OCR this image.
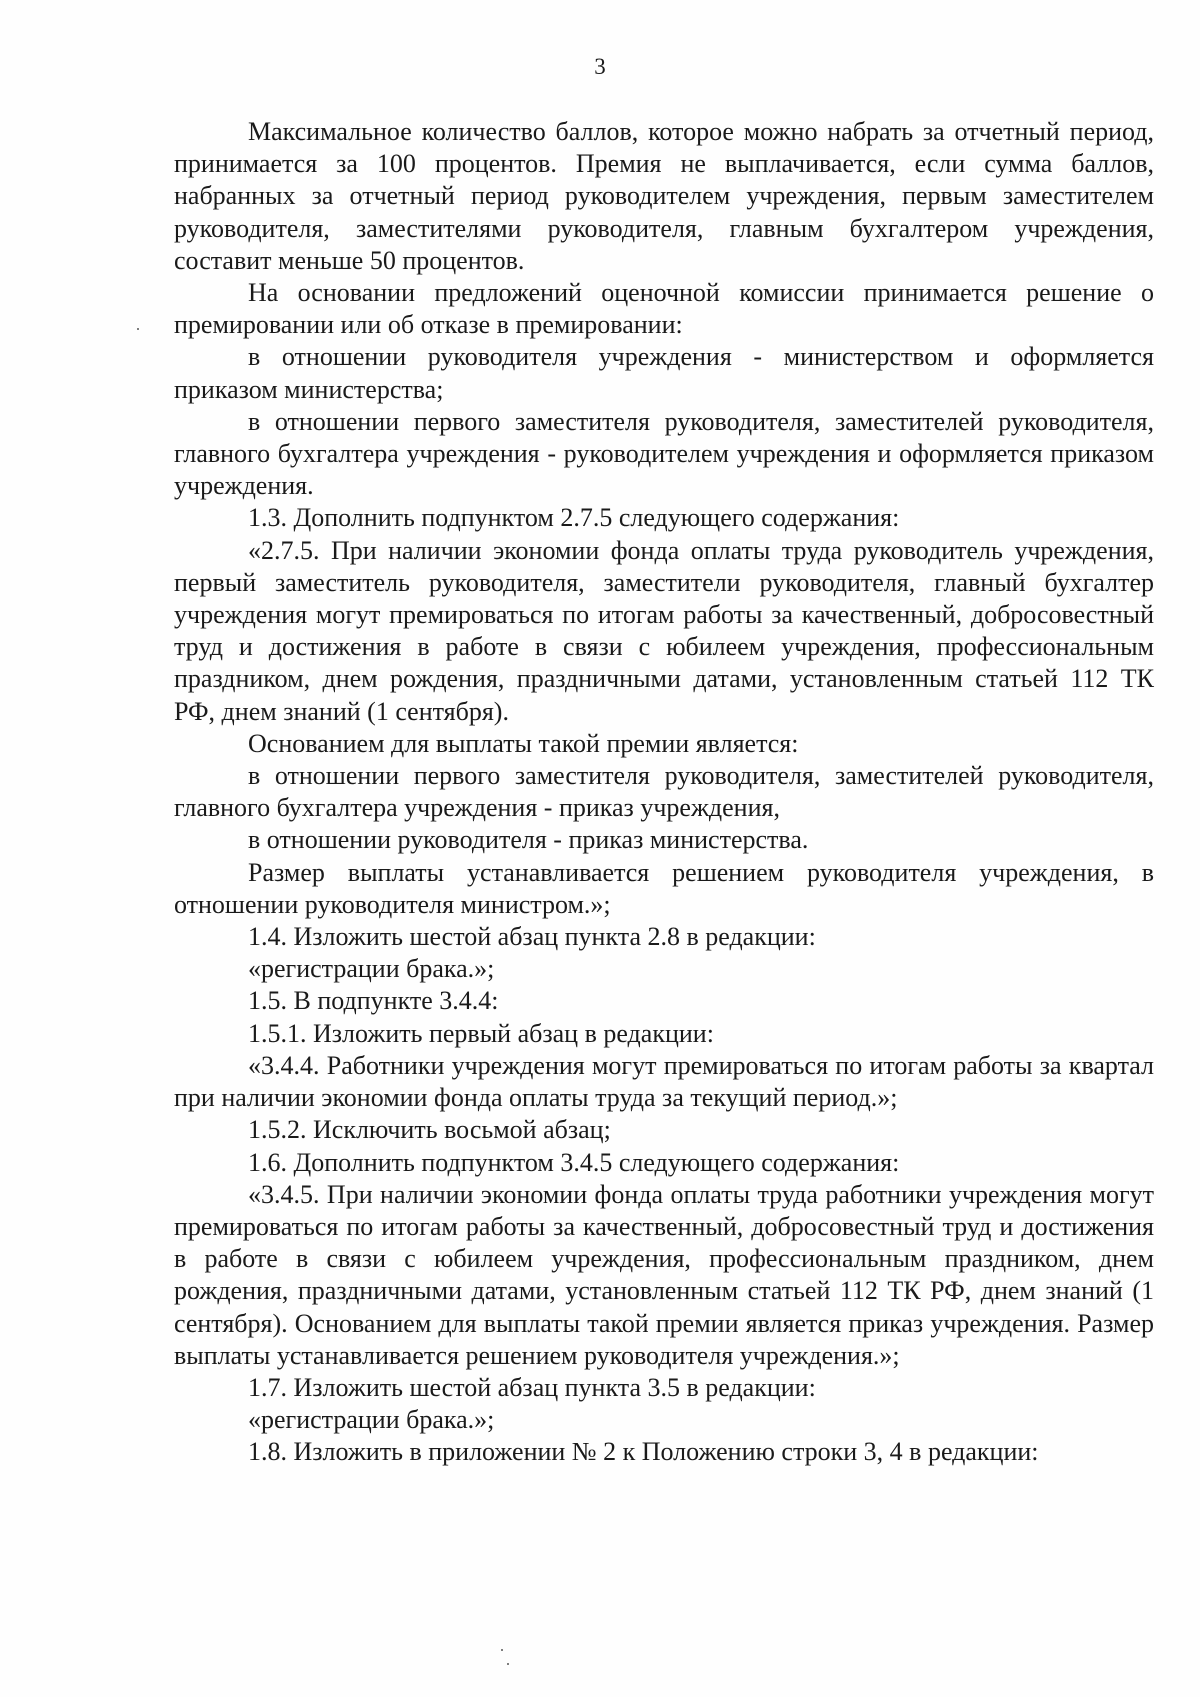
3

Максимальное количество баллов, которое можно набрать за отчетный период, принимается за 100 процентов. Премия не выплачивается, если сумма баллов, набранных за отчетный период руководителем учреждения, первым заместителем руководителя, заместителями руководителя, главным бухгалтером учреждения, составит меньше 50 процентов.

На основании предложений оценочной комиссии принимается решение о премировании или об отказе в премировании:

в отношении руководителя учреждения - министерством и оформляется приказом министерства;

в отношении первого заместителя руководителя, заместителей руководителя, главного бухгалтера учреждения - руководителем учреждения и оформляется приказом учреждения.

1.3. Дополнить подпунктом 2.7.5 следующего содержания:

«2.7.5. При наличии экономии фонда оплаты труда руководитель учреждения, первый заместитель руководителя, заместители руководителя, главный бухгалтер учреждения могут премироваться по итогам работы за качественный, добросовестный труд и достижения в работе в связи с юбилеем учреждения, профессиональным праздником, днем рождения, праздничными датами, установленным статьей 112 ТК РФ, днем знаний (1 сентября).

Основанием для выплаты такой премии является:

в отношении первого заместителя руководителя, заместителей руководителя, главного бухгалтера учреждения - приказ учреждения,

в отношении руководителя - приказ министерства.

Размер выплаты устанавливается решением руководителя учреждения, в отношении руководителя министром.»;

1.4. Изложить шестой абзац пункта 2.8 в редакции:

«регистрации брака.»;

1.5. В подпункте 3.4.4:

1.5.1. Изложить первый абзац в редакции:

«3.4.4. Работники учреждения могут премироваться по итогам работы за квартал при наличии экономии фонда оплаты труда за текущий период.»;

1.5.2. Исключить восьмой абзац;

1.6. Дополнить подпунктом 3.4.5 следующего содержания:

«3.4.5. При наличии экономии фонда оплаты труда работники учреждения могут премироваться по итогам работы за качественный, добросовестный труд и достижения в работе в связи с юбилеем учреждения, профессиональным праздником, днем рождения, праздничными датами, установленным статьей 112 ТК РФ, днем знаний (1 сентября). Основанием для выплаты такой премии является приказ учреждения. Размер выплаты устанавливается решением руководителя учреждения.»;

1.7. Изложить шестой абзац пункта 3.5 в редакции:

«регистрации брака.»;

1.8. Изложить в приложении № 2 к Положению строки 3, 4 в редакции:
